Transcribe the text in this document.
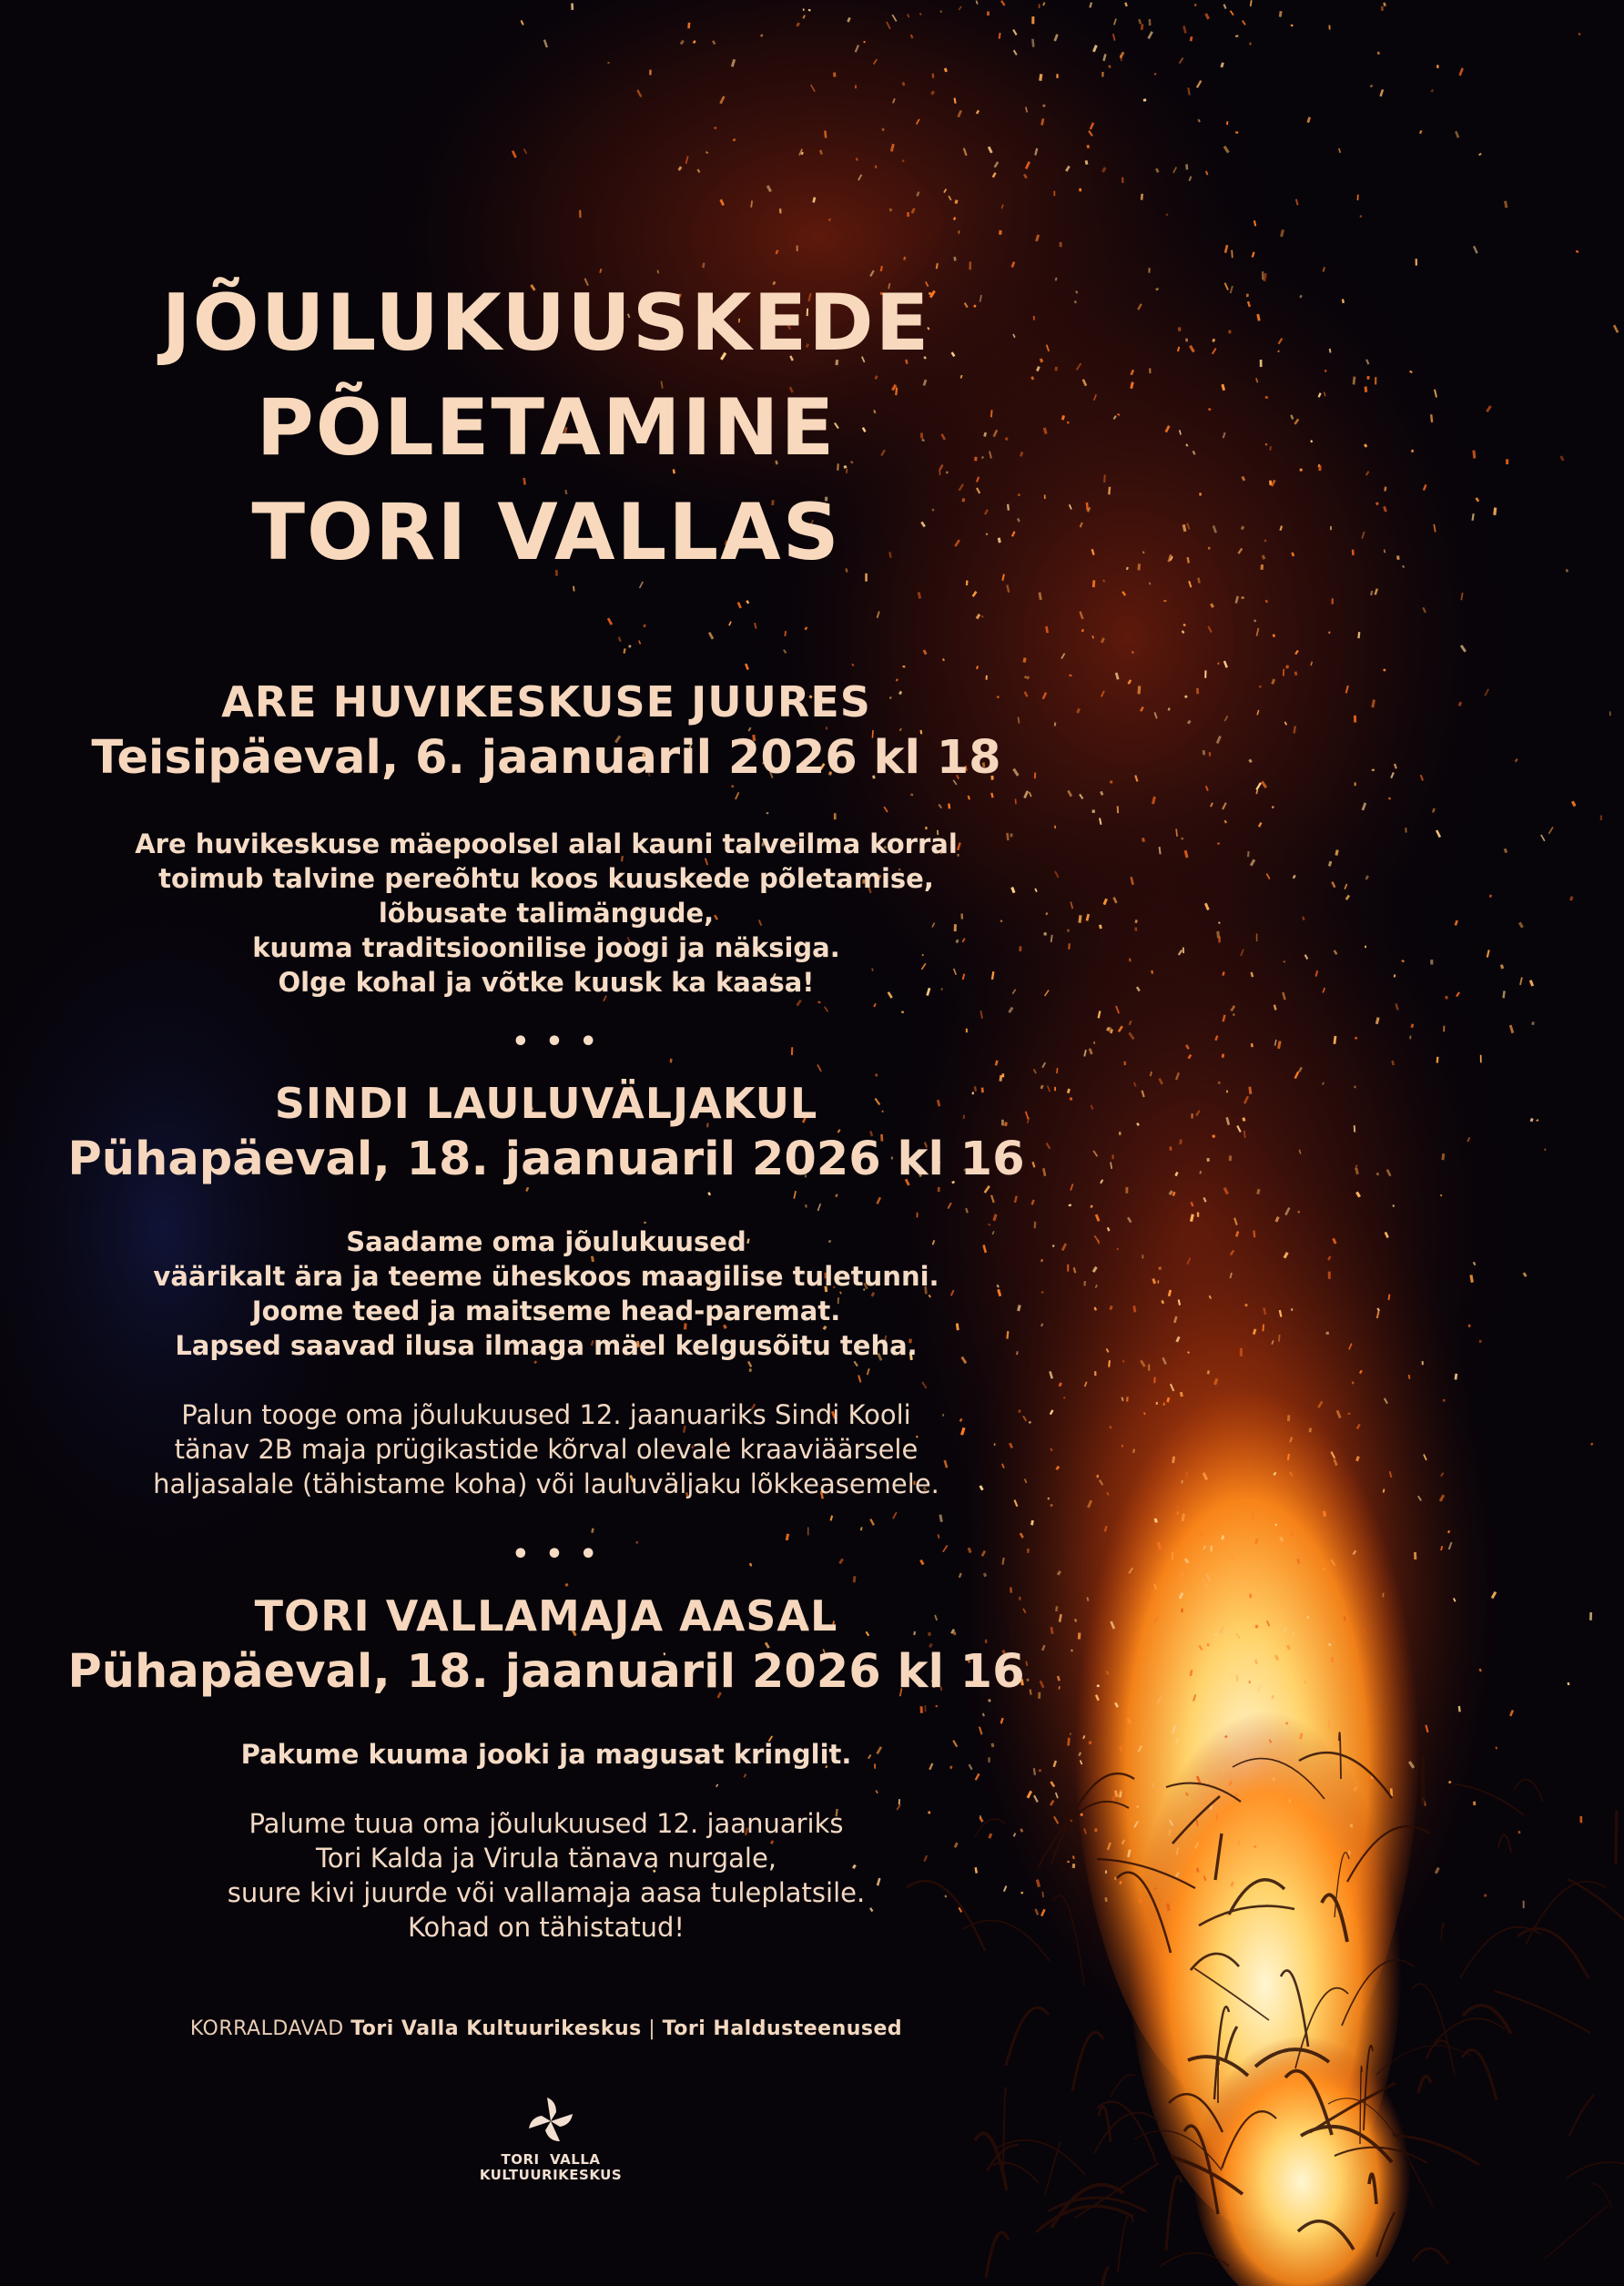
JÕULUKUUSKEDE
PÕLETAMINE
TORI VALLAS
ARE HUVIKESKUSE JUURES
Teisipäeval, 6. jaanuaril 2026 kl 18
Are huvikeskuse mäepoolsel alal kauni talveilma korral
toimub talvine pereõhtu koos kuuskede põletamise,
lõbusate talimängude,
kuuma traditsioonilise joogi ja näksiga.
Olge kohal ja võtke kuusk ka kaasa!
•••
SINDI LAULUVÄLJAKUL
Pühapäeval, 18. jaanuaril 2026 kl 16
Saadame oma jõulukuused
väärikalt ära ja teeme üheskoos maagilise tuletunni.
Joome teed ja maitseme head-paremat.
Lapsed saavad ilusa ilmaga mäel kelgusõitu teha.
Palun tooge oma jõulukuused 12. jaanuariks Sindi Kooli
tänav 2B maja prügikastide kõrval olevale kraaviäärsele
haljasalale (tähistame koha) või lauluväljaku lõkkeasemele.
•••
TORI VALLAMAJA AASAL
Pühapäeval, 18. jaanuaril 2026 kl 16
Pakume kuuma jooki ja magusat kringlit.
Palume tuua oma jõulukuused 12. jaanuariks
Tori Kalda ja Virula tänava nurgale,
suure kivi juurde või vallamaja aasa tuleplatsile.
Kohad on tähistatud!
KORRALDAVAD Tori Valla Kultuurikeskus | Tori Haldusteenused
TORI  VALLA
KULTUURIKESKUS
